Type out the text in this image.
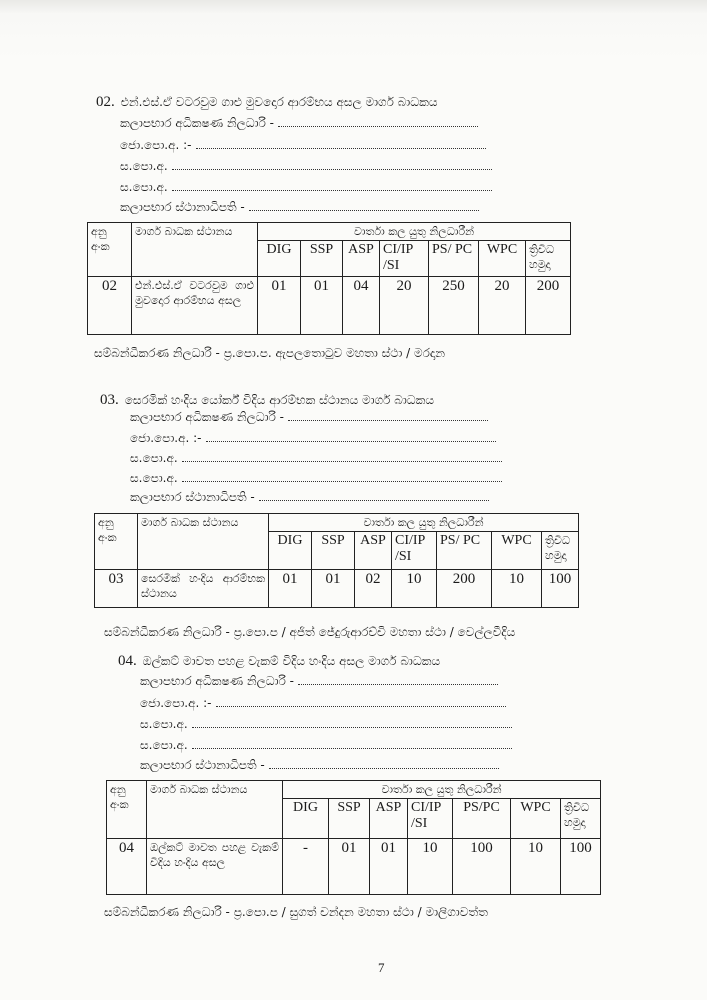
02. එන්.එස්.ඒ වටරවුම ගාළු මුවදොර ආරම්භය අසල මාර්ග බාධකය
කලාපභාර අධිකෂණ නිලධාරි -
ජො.පො.අ. :-
ස.පො.අ.
ස.පො.අ.
කලාපභාර ස්ථානාධිපති -
අනු අංක	මාර්ග බාධක ස්ථානය	වාර්තා කල යුතු නිලධාරීන්						
		DIG	SSP	ASP	CI/IP /SI	PS/ PC	WPC	ත්‍රිවිධ හමුදා
02	එන්.එස්.ඒ වටරවුම ගාළු මුවදොර ආරම්භය අසල	01	01	04	20	250	20	200
සම්බන්ධීකරණ නිලධාරි - ප්‍ර.පො.ප. ඇපලතොටුව මහතා ස්ථා / මරදාන
03. සෙරමික් හංදිය යෝර්ක් විදිය ආරම්භක ස්ථානය මාර්ග බාධකය
කලාපභාර අධිකෂණ නිලධාරි -
ජො.පො.අ. :-
ස.පො.අ.
ස.පො.අ.
කලාපභාර ස්ථානාධිපති -
අනු අංක	මාර්ග බාධක ස්ථානය	වාර්තා කල යුතු නිලධාරීන්						
		DIG	SSP	ASP	CI/IP /SI	PS/ PC	WPC	ත්‍රිවිධ හමුදා
03	සෙරමික් හංදිය ආරම්භක ස්ථානය	01	01	02	10	200	10	100
සම්බන්ධීකරණ නිලධාරි - ප්‍ර.පො.ප / අජිත් ජේදුරුආරච්චි මහතා ස්ථා / වෙල්ලවීදිය
04. ඔල්කට් මාවත පහළ වැකම් විදිය හංදිය අසල මාර්ග බාධකය
කලාපභාර අධිකෂණ නිලධාරි -
ජො.පො.අ. :-
ස.පො.අ.
ස.පො.අ.
කලාපභාර ස්ථානාධිපති -
අනු අංක	මාර්ග බාධක ස්ථානය	වාර්තා කල යුතු නිලධාරීන්						
		DIG	SSP	ASP	CI/IP /SI	PS/PC	WPC	ත්‍රිවිධ හමුදා
04	ඔල්කට් මාවත පහළ වැකම් විදිය හංදිය අසල	-	01	01	10	100	10	100
සම්බන්ධීකරණ නිලධාරි - ප්‍ර.පො.ප / සුගත් චන්දන මහතා ස්ථා / මාලිගාවත්ත
7
